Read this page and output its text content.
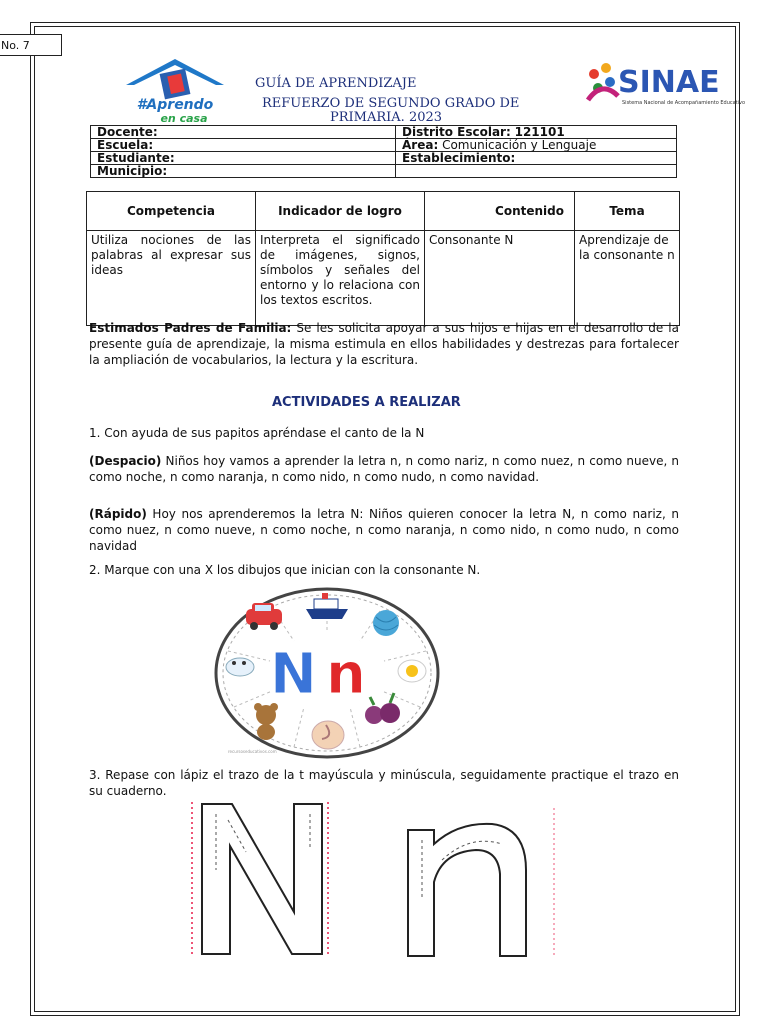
No. 7
#Aprendo
en casa
GUÍA DE APRENDIZAJE
REFUERZO DE SEGUNDO GRADO DE
PRIMARIA. 2023
SINAE
Sistema Nacional de Acompañamiento Educativo
Docente:	Distrito Escolar: 121101
Escuela:	Área: Comunicación y Lenguaje
Estudiante:	Establecimiento:
Municipio:	
Competencia	Indicador de logro	Contenido	Tema
Utiliza nociones de las palabras al expresar sus ideas	Interpreta el significado de imágenes, signos, símbolos y señales del entorno y lo relaciona con los textos escritos.	Consonante N	Aprendizaje de la consonante n
Estimados Padres de Familia: Se les solicita apoyar a sus hijos e hijas en el desarrollo de la presente guía de aprendizaje, la misma estimula en ellos habilidades y destrezas para fortalecer la ampliación de vocabularios, la lectura y la escritura.
ACTIVIDADES A REALIZAR
1. Con ayuda de sus papitos apréndase el canto de la N
(Despacio) Niños hoy vamos a aprender la letra n, n como nariz, n como nuez, n como nueve, n como noche, n como naranja, n como nido, n como nudo, n como navidad.
(Rápido) Hoy nos aprenderemos la letra N: Niños quieren conocer la letra N, n como nariz, n como nuez, n como nueve, n como noche, n como naranja, n como nido, n como nudo, n como navidad
2. Marque con una X los dibujos que inician con la consonante N.
N n
recursoseducativos.com
3. Repase con lápiz el trazo de la t mayúscula y minúscula, seguidamente practique el trazo en su cuaderno.
